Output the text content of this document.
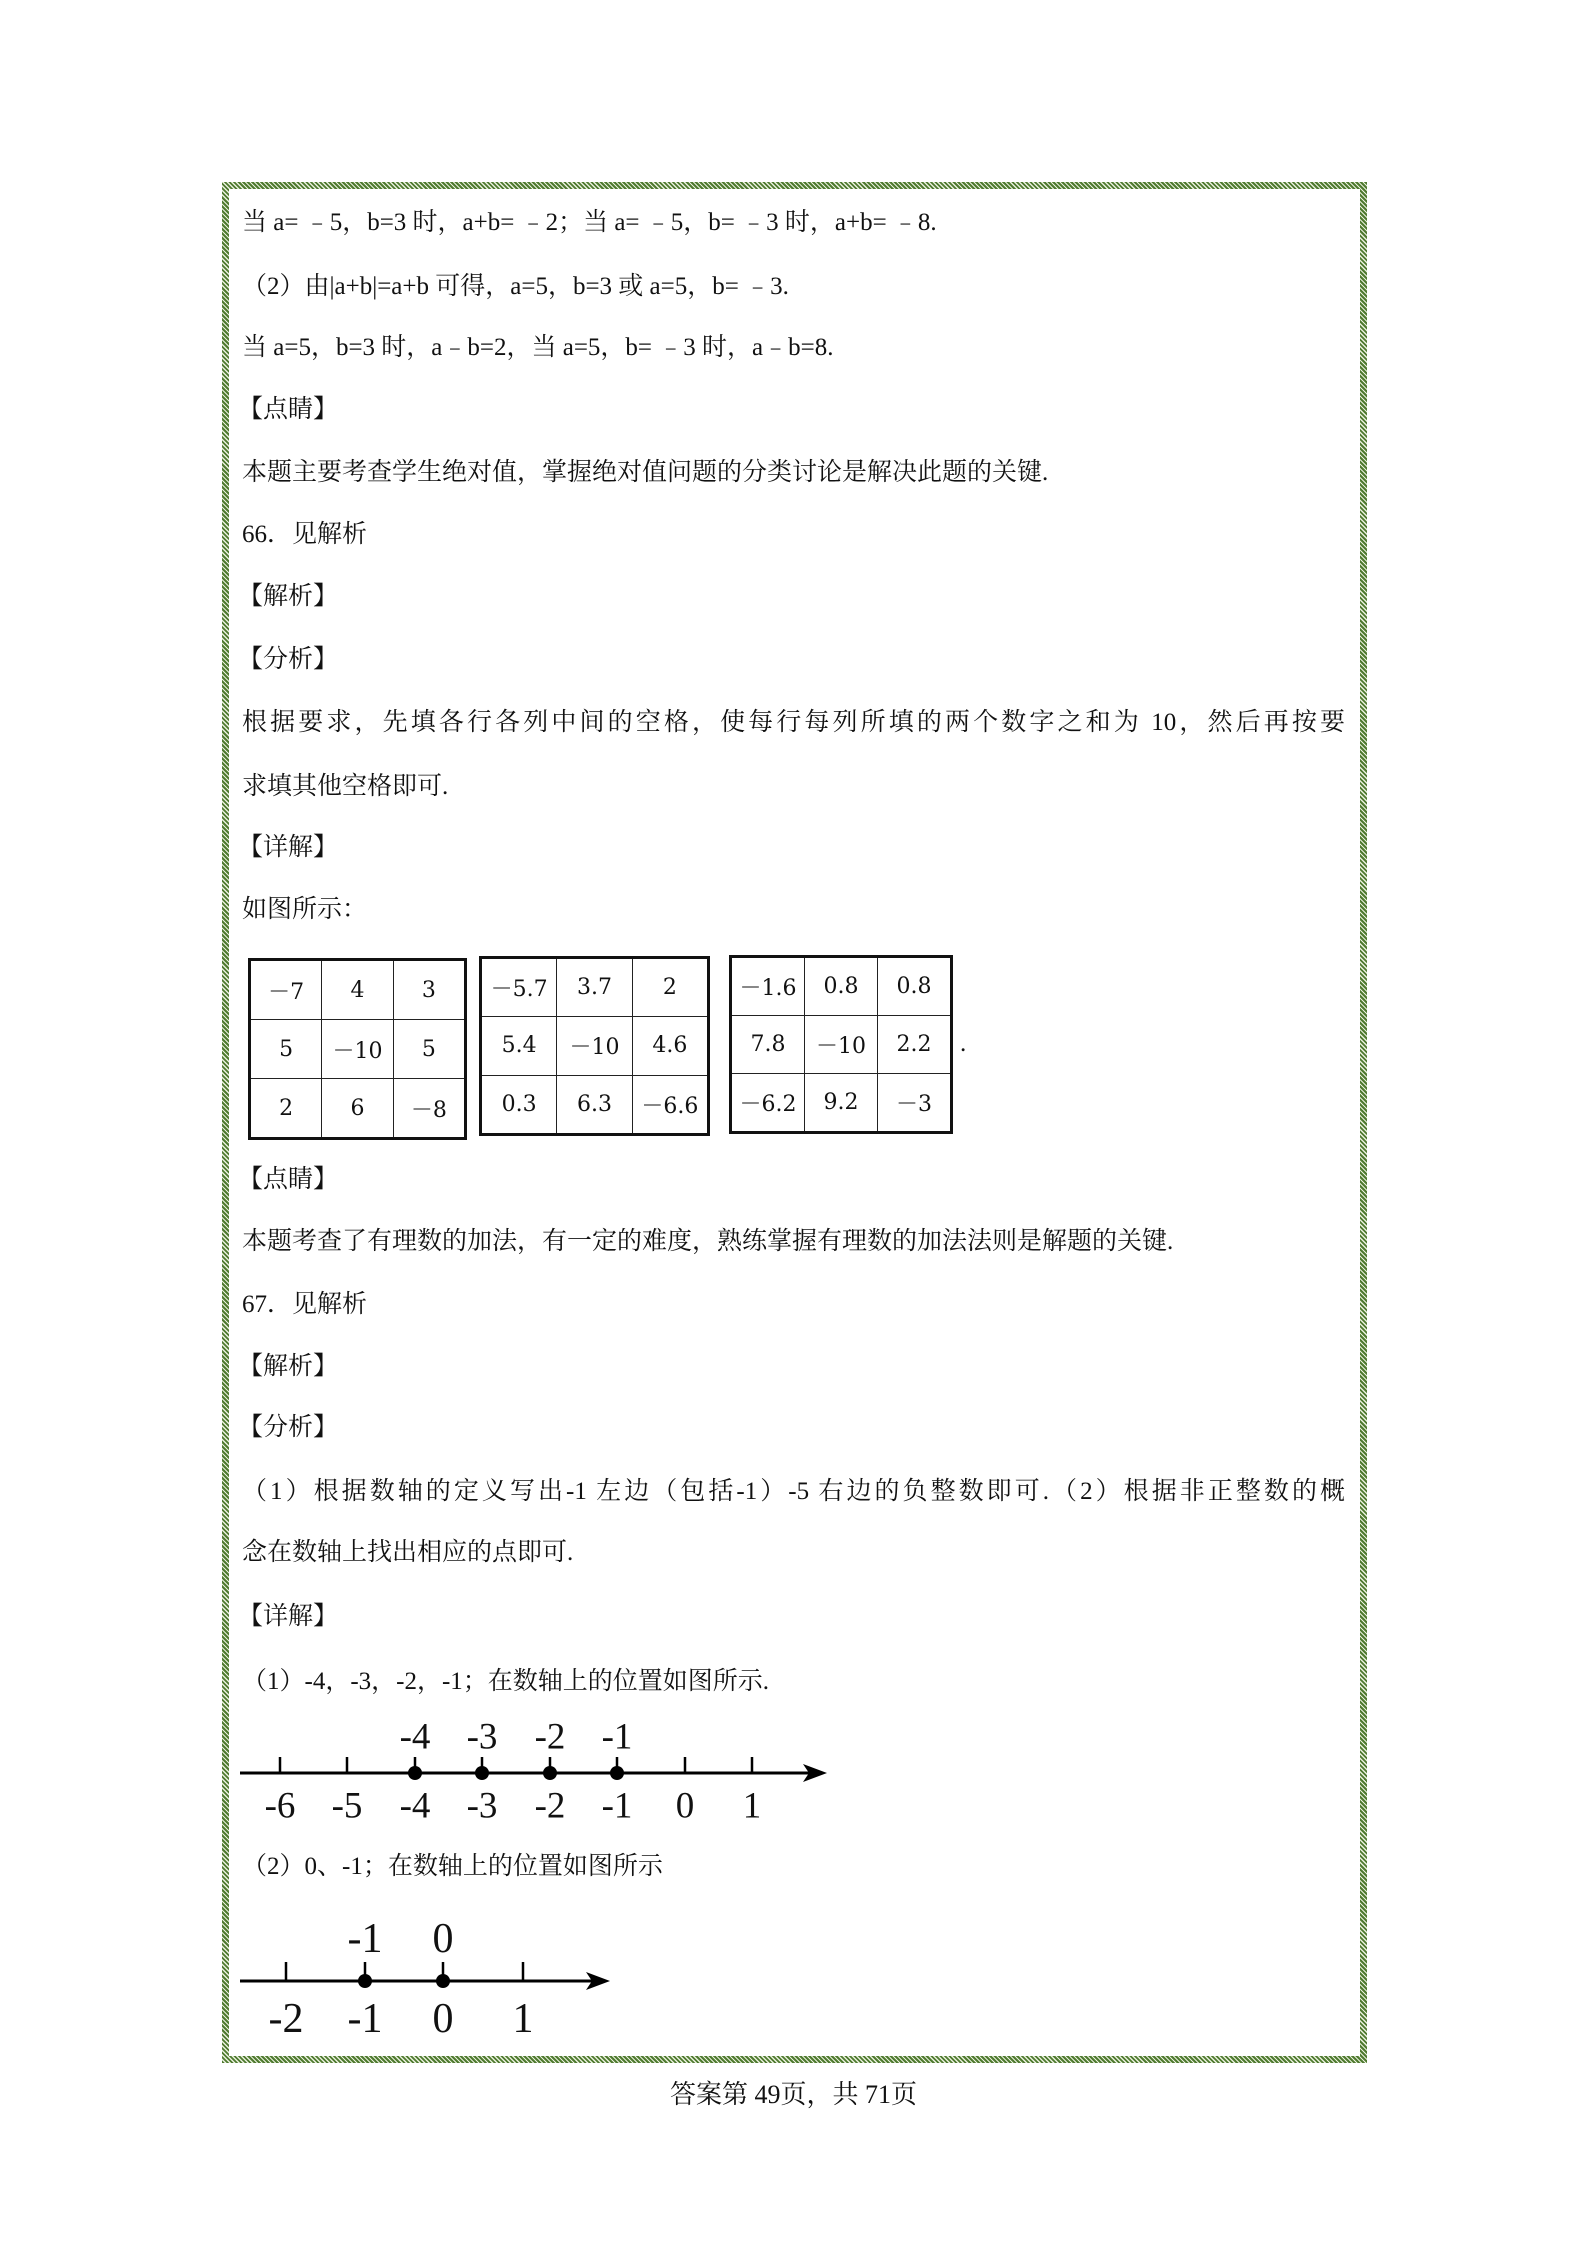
当 a= ﹣5，b=3 时，a+b= ﹣2；当 a= ﹣5，b= ﹣3 时，a+b= ﹣8.
（2）由|a+b|=a+b 可得，a=5，b=3 或 a=5，b= ﹣3.
当 a=5，b=3 时，a﹣b=2，当 a=5，b= ﹣3 时，a﹣b=8.
【点睛】
本题主要考查学生绝对值，掌握绝对值问题的分类讨论是解决此题的关键.
66．见解析
【解析】
【分析】
根据要求，先填各行各列中间的空格，使每行每列所填的两个数字之和为 10，然后再按要
求填其他空格即可.
【详解】
如图所示：
【点睛】
本题考查了有理数的加法，有一定的难度，熟练掌握有理数的加法法则是解题的关键.
67．见解析
【解析】
【分析】
（1）根据数轴的定义写出-1 左边（包括-1）-5 右边的负整数即可.（2）根据非正整数的概
念在数轴上找出相应的点即可.
【详解】
（1）-4，-3，-2，-1；在数轴上的位置如图所示.
（2）0、-1；在数轴上的位置如图所示
－7	4	3
5	－10	5
2	6	－8
－5.7	3.7	2
5.4	－10	4.6
0.3	6.3	－6.6
－1.6	0.8	0.8
7.8	－10	2.2
－6.2	9.2	－3
.
-6 -5 -4 -3 -2 -1 0 1
-4 -3 -2 -1
-2 -1 0 1
-1 0
答案第 49页，共 71页
